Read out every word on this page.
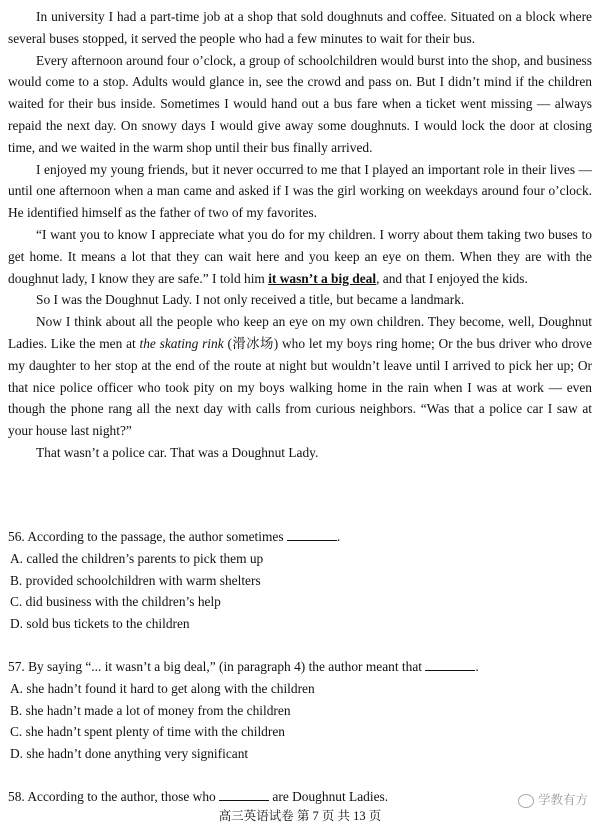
In university I had a part-time job at a shop that sold doughnuts and coffee. Situated on a block where several buses stopped, it served the people who had a few minutes to wait for their bus.

Every afternoon around four o’clock, a group of schoolchildren would burst into the shop, and business would come to a stop. Adults would glance in, see the crowd and pass on. But I didn’t mind if the children waited for their bus inside. Sometimes I would hand out a bus fare when a ticket went missing — always repaid the next day. On snowy days I would give away some doughnuts. I would lock the door at closing time, and we waited in the warm shop until their bus finally arrived.

I enjoyed my young friends, but it never occurred to me that I played an important role in their lives — until one afternoon when a man came and asked if I was the girl working on weekdays around four o’clock. He identified himself as the father of two of my favorites.

“I want you to know I appreciate what you do for my children. I worry about them taking two buses to get home. It means a lot that they can wait here and you keep an eye on them. When they are with the doughnut lady, I know they are safe.” I told him it wasn’t a big deal, and that I enjoyed the kids.

So I was the Doughnut Lady. I not only received a title, but became a landmark.

Now I think about all the people who keep an eye on my own children. They become, well, Doughnut Ladies. Like the men at the skating rink (滑冰场) who let my boys ring home; Or the bus driver who drove my daughter to her stop at the end of the route at night but wouldn’t leave until I arrived to pick her up; Or that nice police officer who took pity on my boys walking home in the rain when I was at work — even though the phone rang all the next day with calls from curious neighbors. “Was that a police car I saw at your house last night?”

That wasn’t a police car. That was a Doughnut Lady.

56. According to the passage, the author sometimes	.

A. called the children’s parents to pick them up

B. provided schoolchildren with warm shelters

C. did business with the children’s help

D. sold bus tickets to the children

57. By saying “... it wasn’t a big deal,” (in paragraph 4) the author meant that	.

A. she hadn’t found it hard to get along with the children

B. she hadn’t made a lot of money from the children

C. she hadn’t spent plenty of time with the children

D. she hadn’t done anything very significant

58. According to the author, those who	are Doughnut Ladies.	学教有方
高三英语试卷 第 7 页 共 13 页
